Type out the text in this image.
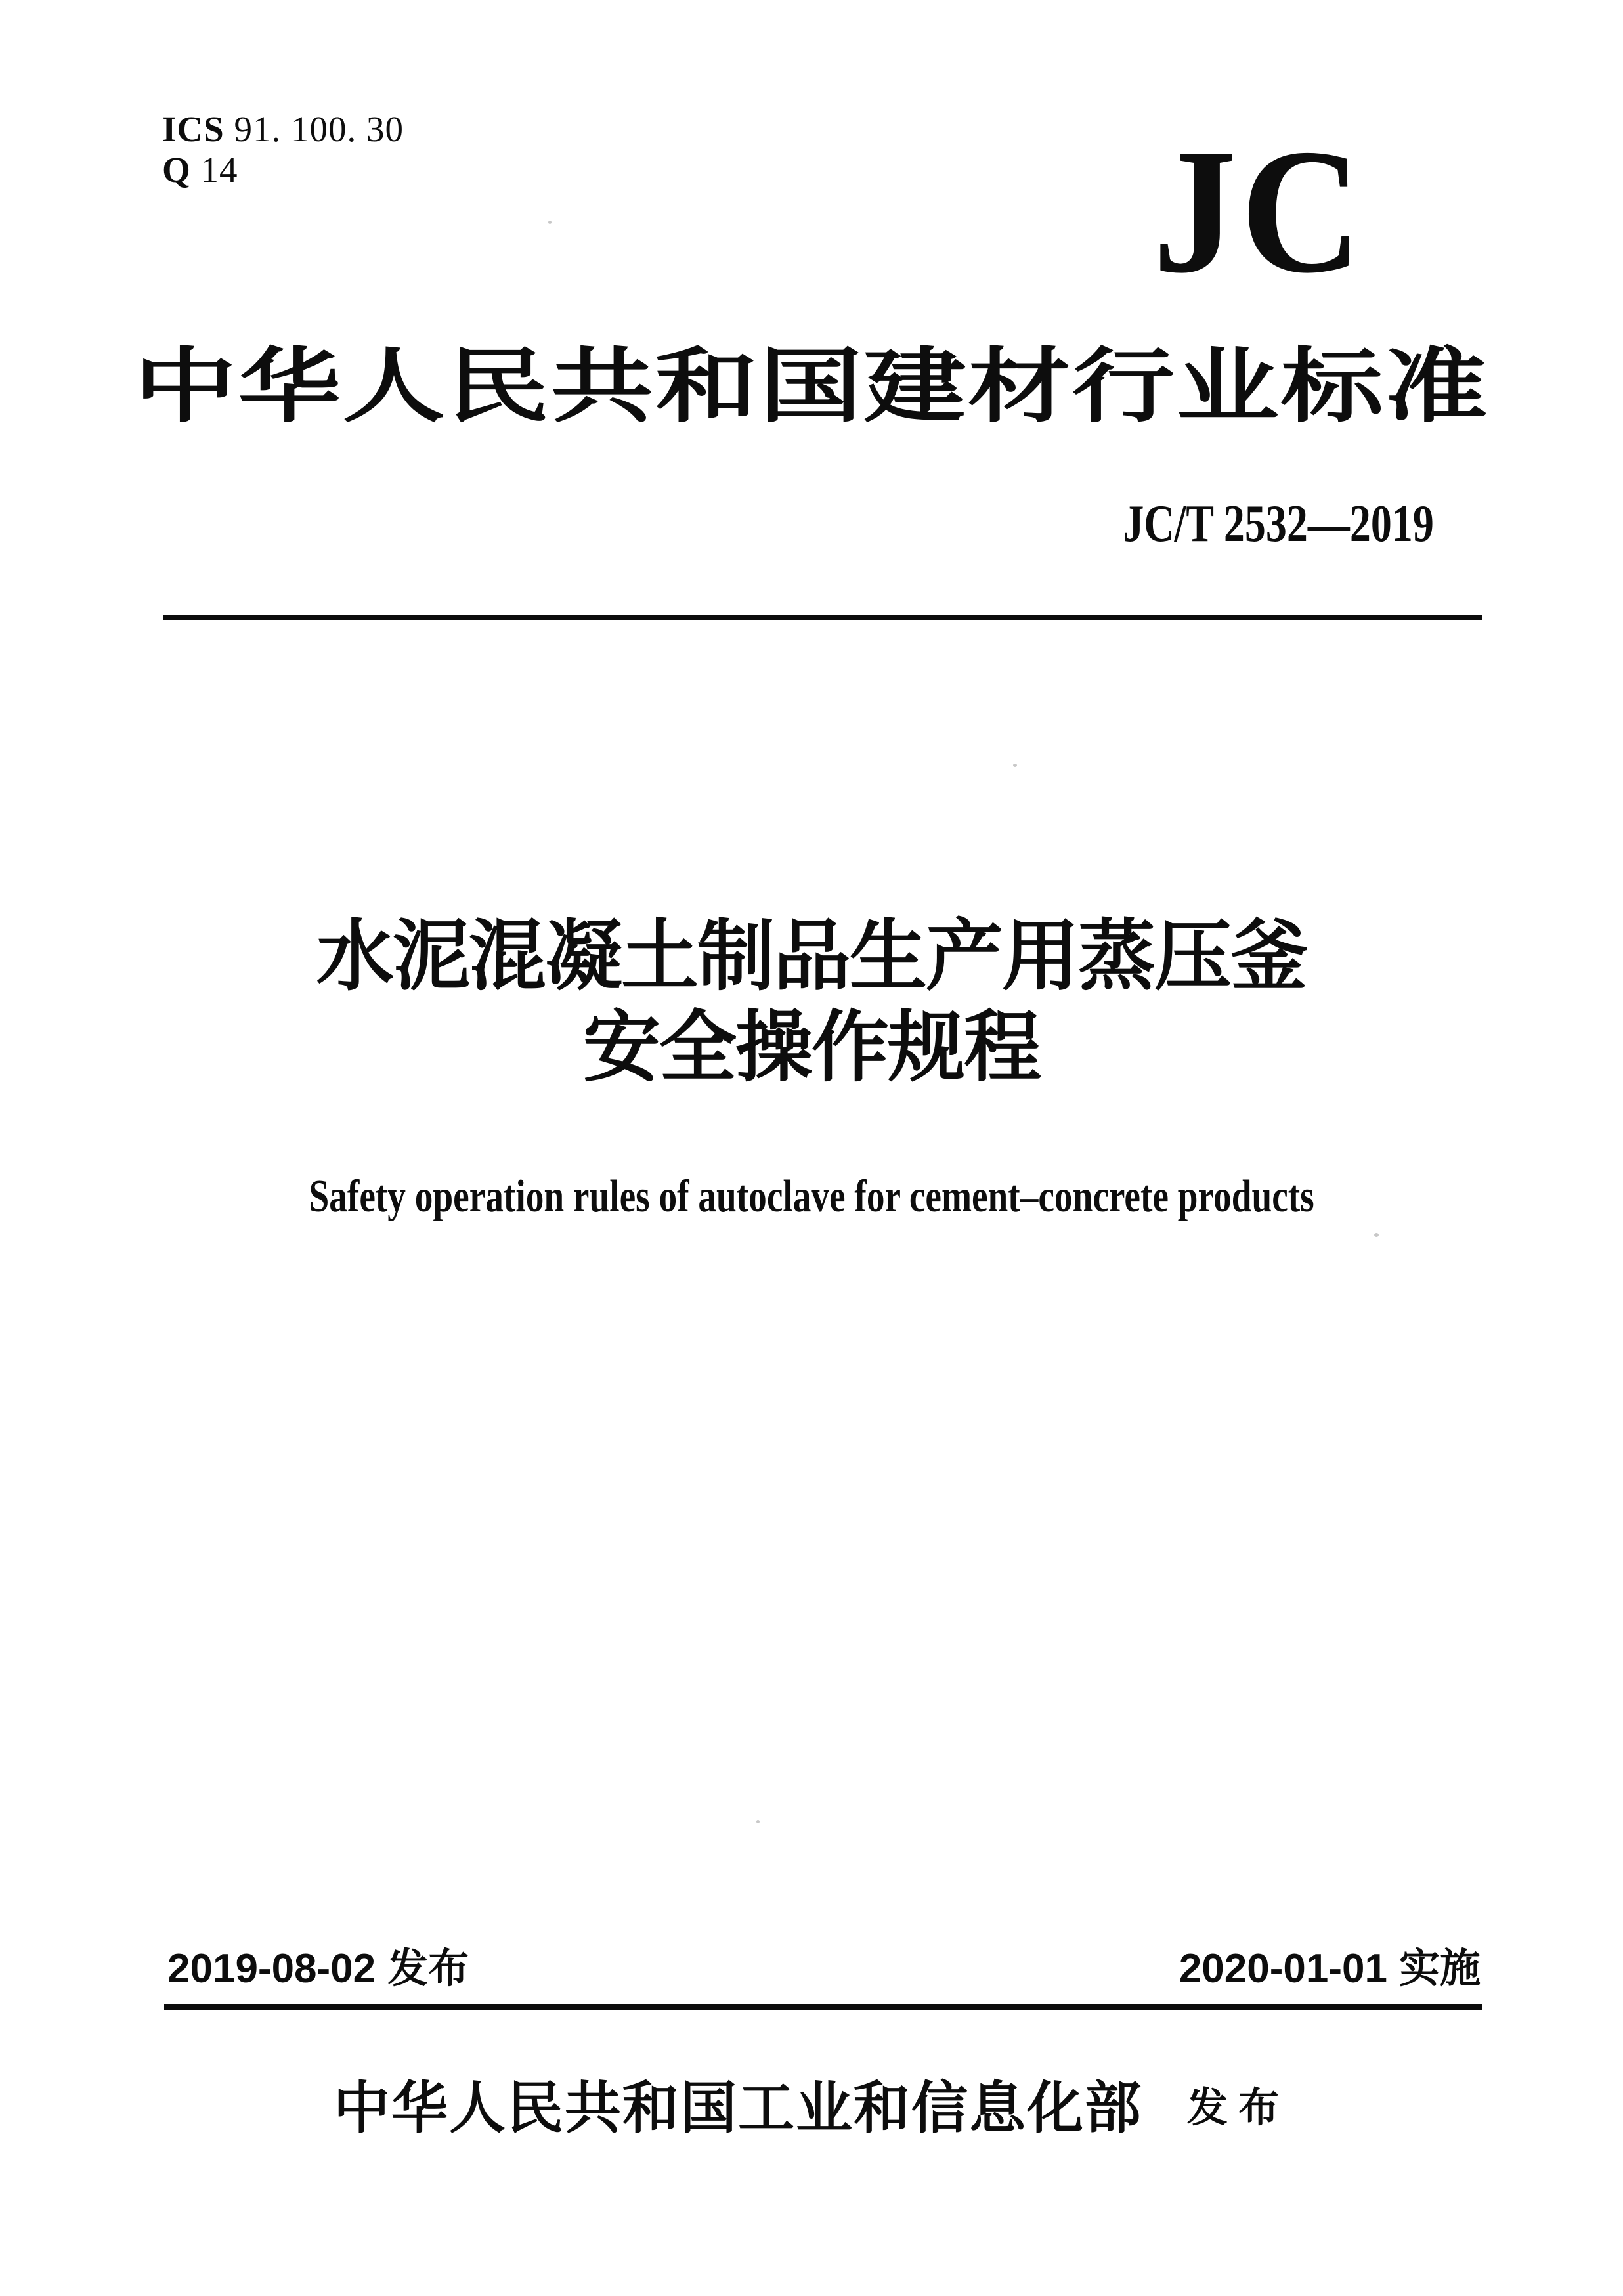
ICS 91. 100. 30
Q 14	JC
中华人民共和国建材行业标准
JC/T 2532—2019
水泥混凝土制品生产用蒸压釜
安全操作规程
Safety operation rules of autoclave for cement–concrete products
2019-08-02 发布	2020-01-01 实施
中华人民共和国工业和信息化部 发布
